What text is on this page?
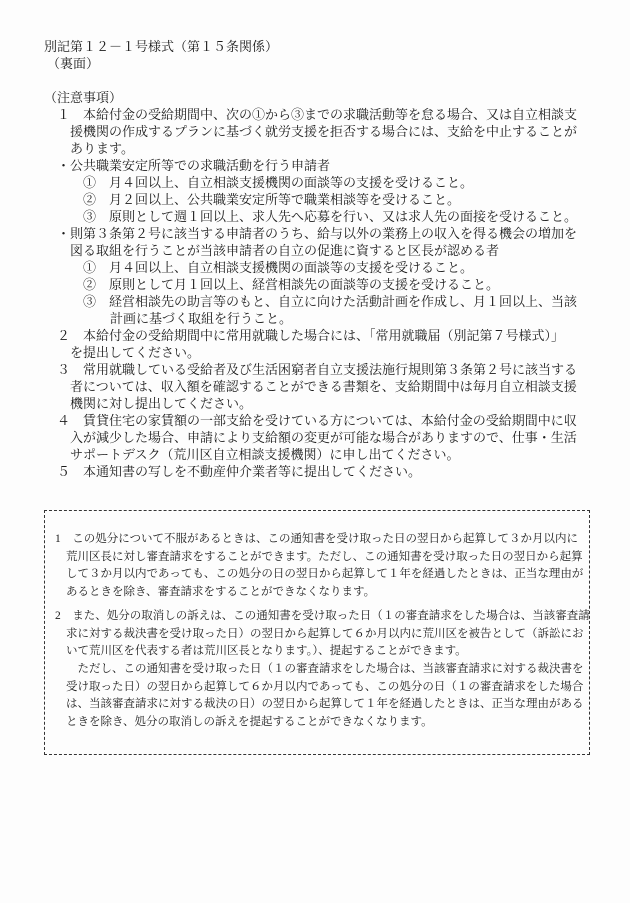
別記第１２－１号様式（第１５条関係）
（裏面）
（注意事項）
１　本給付金の受給期間中、次の①から③までの求職活動等を怠る場合、又は自立相談支
援機関の作成するプランに基づく就労支援を拒否する場合には、支給を中止することが
あります。
・公共職業安定所等での求職活動を行う申請者
①　月４回以上、自立相談支援機関の面談等の支援を受けること。
②　月２回以上、公共職業安定所等で職業相談等を受けること。
③　原則として週１回以上、求人先へ応募を行い、又は求人先の面接を受けること。
・則第３条第２号に該当する申請者のうち、給与以外の業務上の収入を得る機会の増加を
図る取組を行うことが当該申請者の自立の促進に資すると区長が認める者
①　月４回以上、自立相談支援機関の面談等の支援を受けること。
②　原則として月１回以上、経営相談先の面談等の支援を受けること。
③　経営相談先の助言等のもと、自立に向けた活動計画を作成し、月１回以上、当該
計画に基づく取組を行うこと。
２　本給付金の受給期間中に常用就職した場合には、「常用就職届（別記第７号様式）」
を提出してください。
３　常用就職している受給者及び生活困窮者自立支援法施行規則第３条第２号に該当する
者については、収入額を確認することができる書類を、支給期間中は毎月自立相談支援
機関に対し提出してください。
４　賃貸住宅の家賃額の一部支給を受けている方については、本給付金の受給期間中に収
入が減少した場合、申請により支給額の変更が可能な場合がありますので、仕事・生活
サポートデスク（荒川区自立相談支援機関）に申し出てください。
５　本通知書の写しを不動産仲介業者等に提出してください。
1　この処分について不服があるときは、この通知書を受け取った日の翌日から起算して３か月以内に
荒川区長に対し審査請求をすることができます。ただし、この通知書を受け取った日の翌日から起算
して３か月以内であっても、この処分の日の翌日から起算して１年を経過したときは、正当な理由が
あるときを除き、審査請求をすることができなくなります。
2　また、処分の取消しの訴えは、この通知書を受け取った日（１の審査請求をした場合は、当該審査請
求に対する裁決書を受け取った日）の翌日から起算して６か月以内に荒川区を被告として（訴訟にお
いて荒川区を代表する者は荒川区長となります。）、提起することができます。
　ただし、この通知書を受け取った日（１の審査請求をした場合は、当該審査請求に対する裁決書を
受け取った日）の翌日から起算して６か月以内であっても、この処分の日（１の審査請求をした場合
は、当該審査請求に対する裁決の日）の翌日から起算して１年を経過したときは、正当な理由がある
ときを除き、処分の取消しの訴えを提起することができなくなります。
